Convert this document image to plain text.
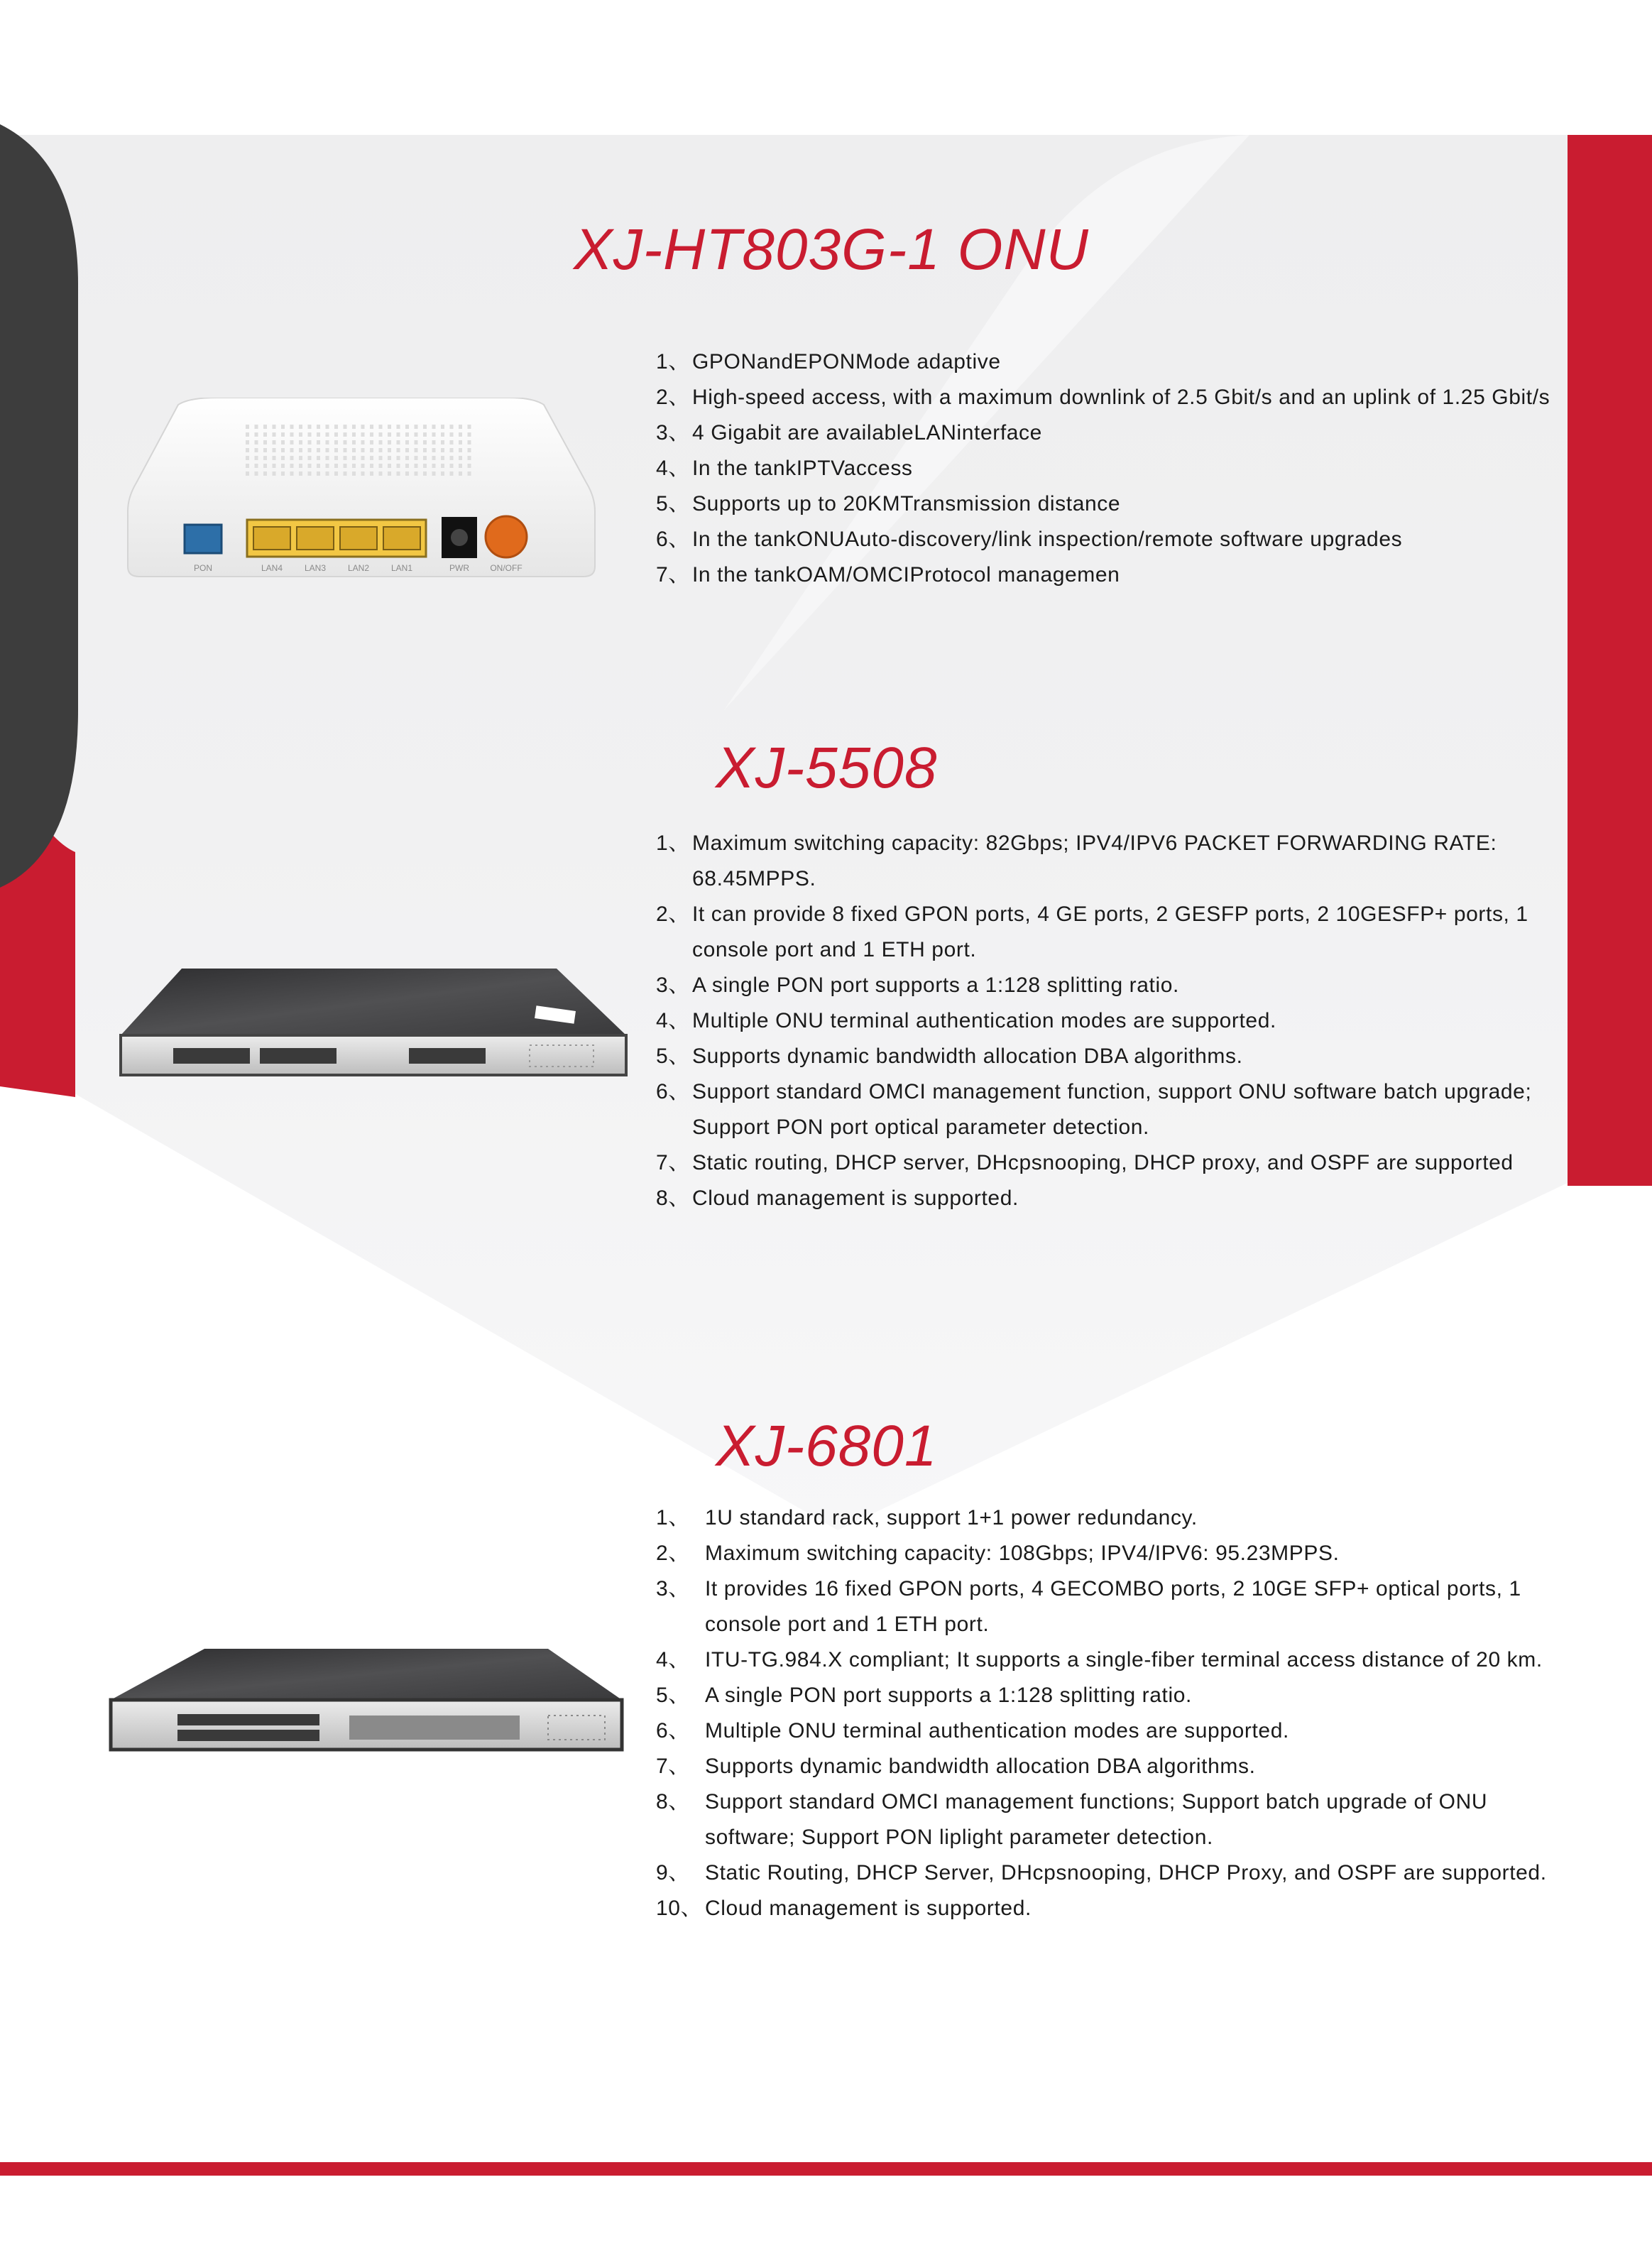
XJ-HT803G-1 ONU
PON	LAN4	LAN3	LAN2	LAN1	PWR ON/OFF
1、 GPONandEPONMode adaptive
2、 High-speed access, with a maximum downlink of 2.5 Gbit/s and an uplink of 1.25 Gbit/s
3、 4 Gigabit are availableLANinterface
4、 In the tankIPTVaccess
5、 Supports up to 20KMTransmission distance
6、 In the tankONUAuto-discovery/link inspection/remote software upgrades
7、 In the tankOAM/OMCIProtocol managemen
XJ-5508
1、 Maximum switching capacity: 82Gbps; IPV4/IPV6 PACKET FORWARDING RATE: 68.45MPPS.
2、 It can provide 8 fixed GPON ports, 4 GE ports, 2 GESFP ports, 2 10GESFP+ ports, 1 console port and 1 ETH port.
3、 A single PON port supports a 1:128 splitting ratio.
4、 Multiple ONU terminal authentication modes are supported.
5、 Supports dynamic bandwidth allocation DBA algorithms.
6、 Support standard OMCI management function, support ONU software batch upgrade; Support PON port optical parameter detection.
7、 Static routing, DHCP server, DHcpsnooping, DHCP proxy, and OSPF are supported
8、 Cloud management is supported.
XJ-6801
1、 1U standard rack, support 1+1 power redundancy.
2、 Maximum switching capacity: 108Gbps; IPV4/IPV6: 95.23MPPS.
3、 It provides 16 fixed GPON ports, 4 GECOMBO ports, 2 10GE SFP+ optical ports, 1 console port and 1 ETH port.
4、 ITU-TG.984.X compliant; It supports a single-fiber terminal access distance of 20 km.
5、 A single PON port supports a 1:128 splitting ratio.
6、 Multiple ONU terminal authentication modes are supported.
7、 Supports dynamic bandwidth allocation DBA algorithms.
8、 Support standard OMCI management functions; Support batch upgrade of ONU software; Support PON liplight parameter detection.
9、 Static Routing, DHCP Server, DHcpsnooping, DHCP Proxy, and OSPF are supported.
10、 Cloud management is supported.
